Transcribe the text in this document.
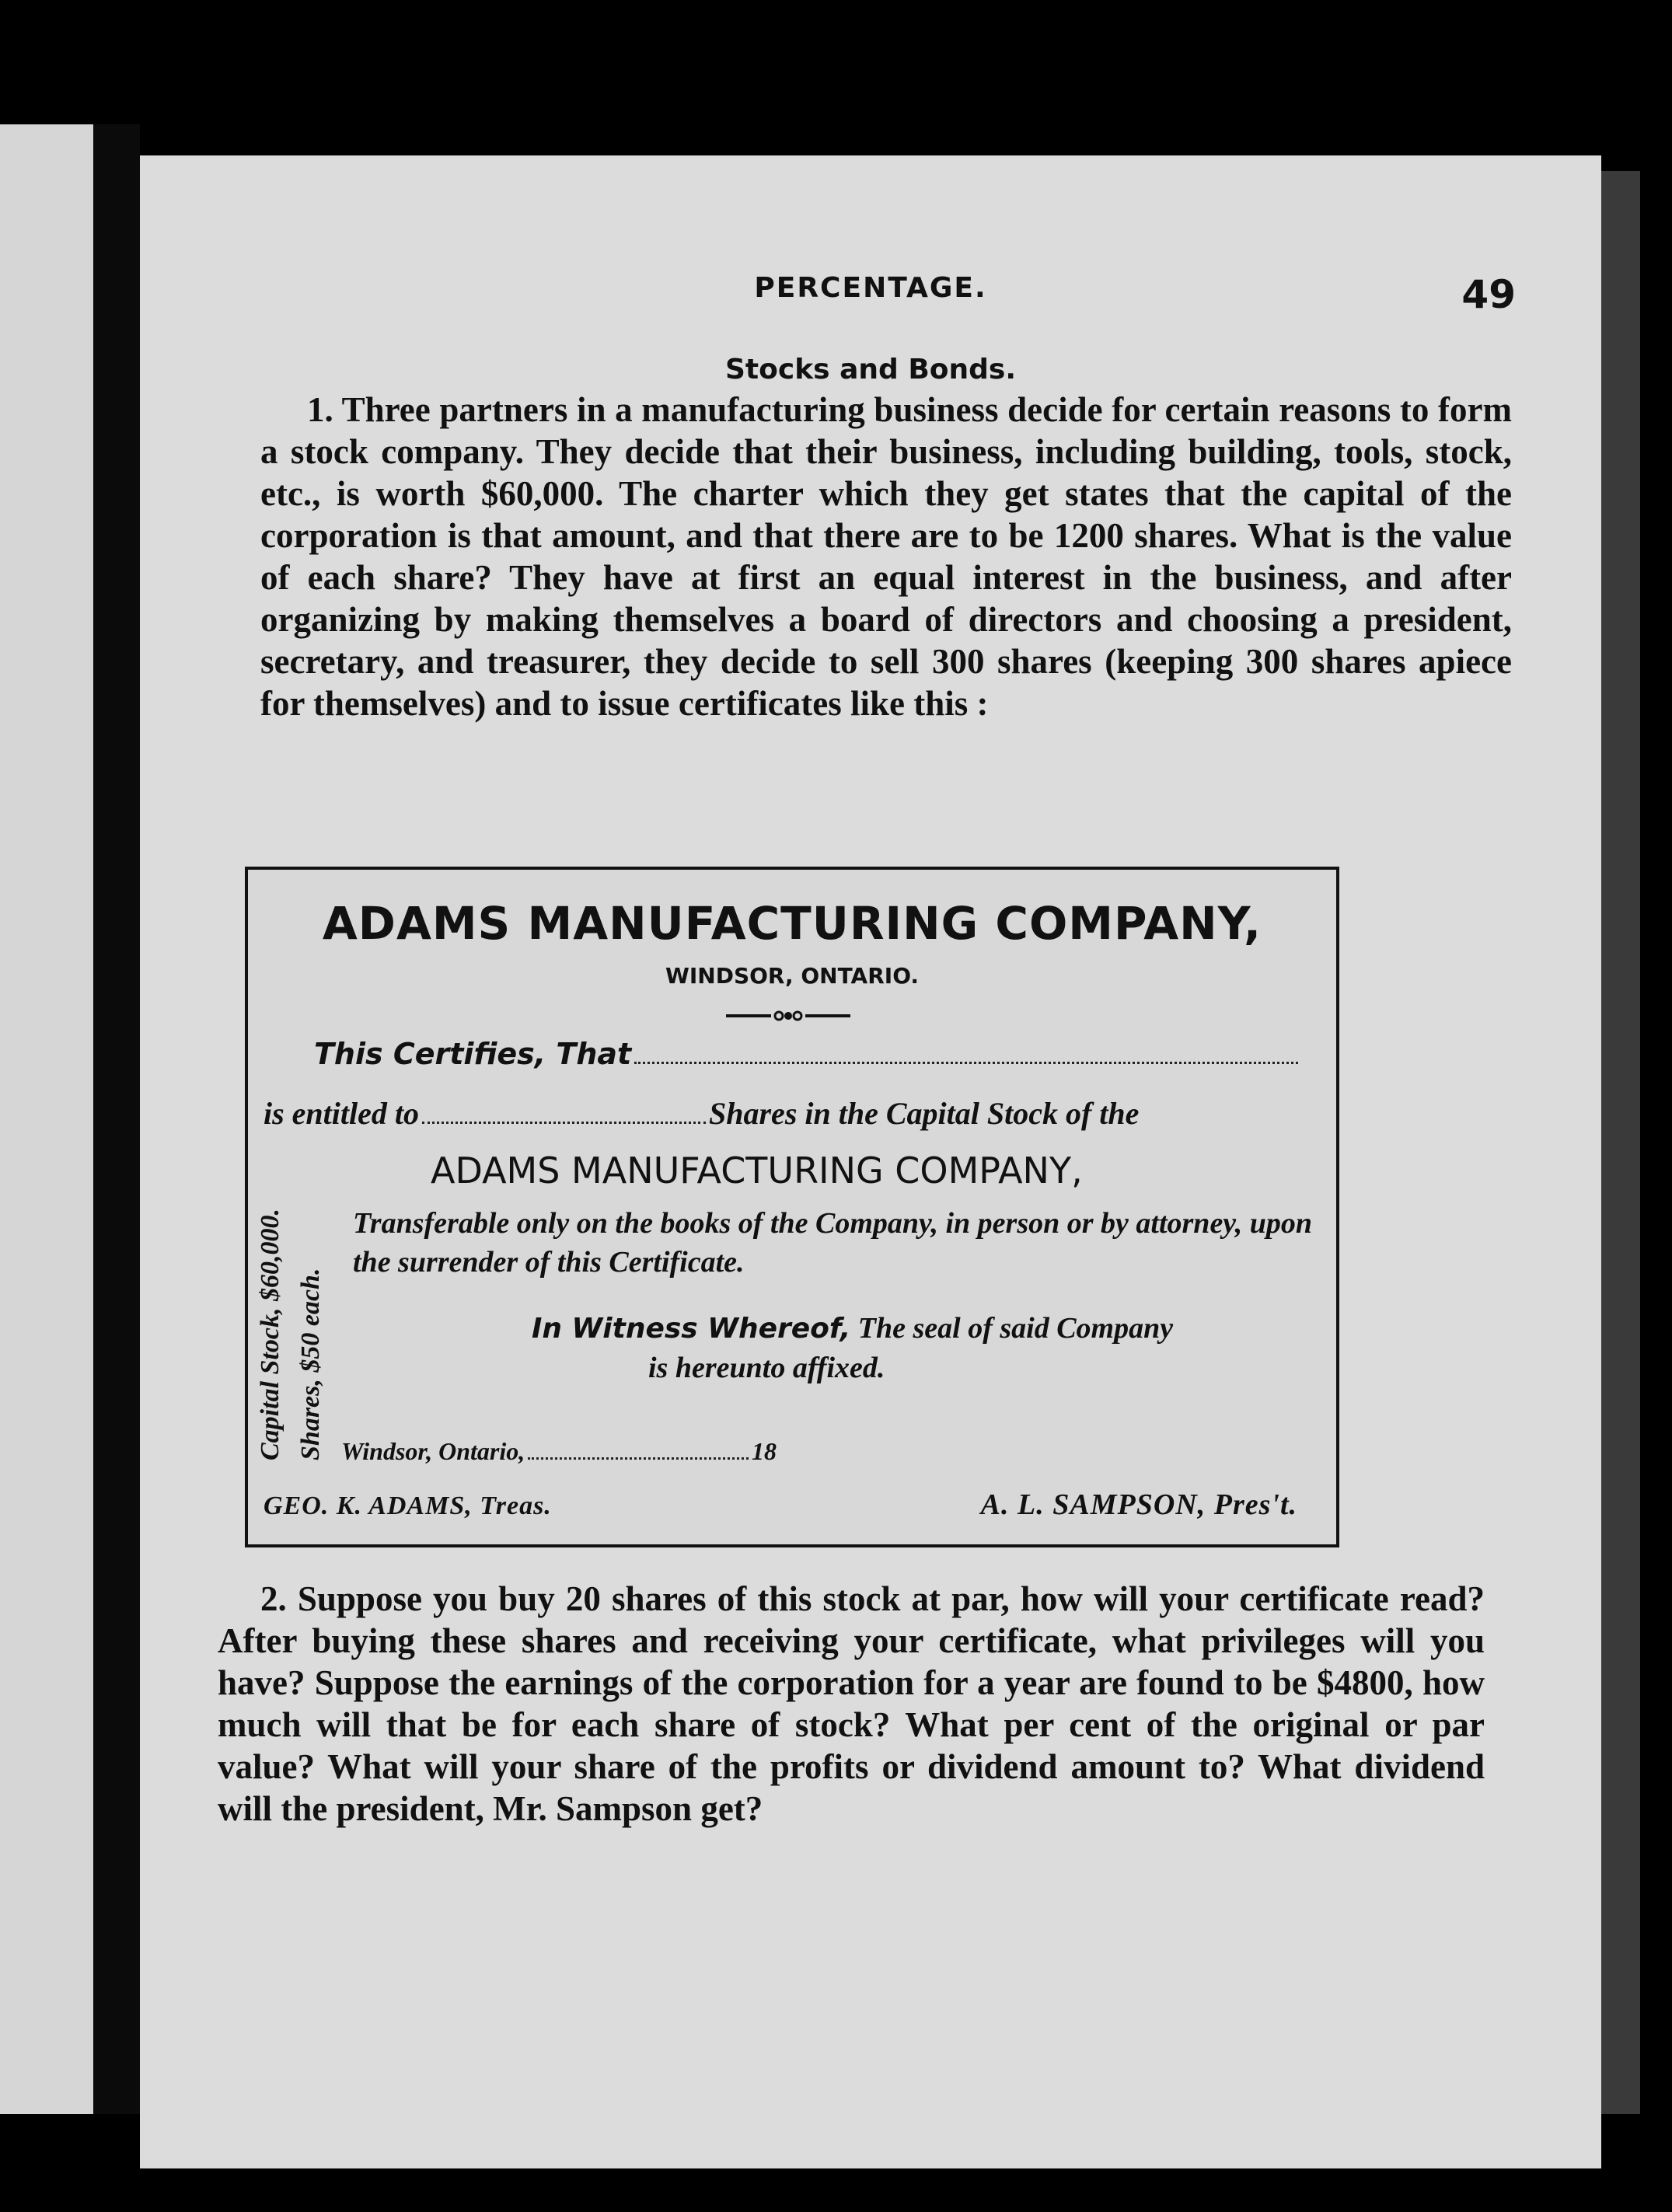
PERCENTAGE.	49
Stocks and Bonds.

1. Three partners in a manufacturing business decide for certain reasons to form a stock company. They decide that their business, including building, tools, stock, etc., is worth $60,000. The charter which they get states that the capital of the corporation is that amount, and that there are to be 1200 shares. What is the value of each share? They have at first an equal interest in the business, and after organizing by making themselves a board of directors and choosing a president, secretary, and treasurer, they decide to sell 300 shares (keeping 300 shares apiece for themselves) and to issue certificates like this :

ADAMS MANUFACTURING COMPANY,
WINDSOR, ONTARIO.
This Certifies, That
is entitled to	Shares in the Capital Stock of the
ADAMS MANUFACTURING COMPANY,

Transferable only on the books of the Company, in person or by attorney, upon the surrender of this Certificate.

In Witness Whereof, The seal of said Company
is hereunto affixed.

Windsor, Ontario,	18
Capital Stock, $60,000. Shares, $50 each.
GEO. K. ADAMS, Treas.	A. L. SAMPSON, Pres't.

2. Suppose you buy 20 shares of this stock at par, how will your certificate read? After buying these shares and receiving your certificate, what privileges will you have? Suppose the earnings of the corporation for a year are found to be $4800, how much will that be for each share of stock? What per cent of the original or par value? What will your share of the profits or dividend amount to? What dividend will the president, Mr. Sampson get?
